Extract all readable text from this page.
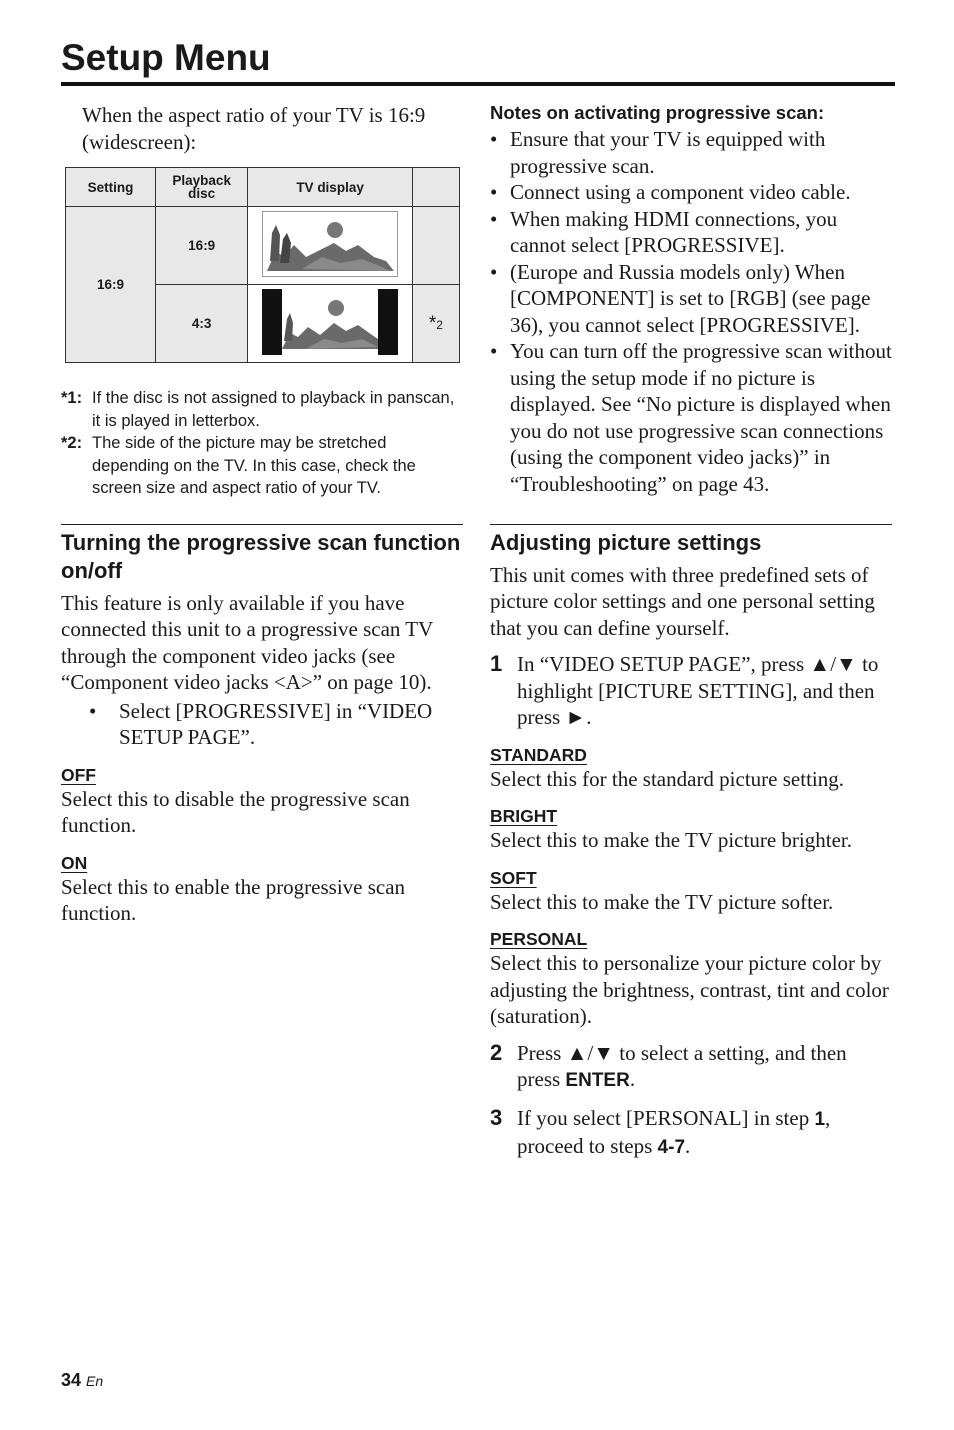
Setup Menu

When the aspect ratio of your TV is 16:9 (widescreen):

Setting	Playback disc	TV display	
16:9	16:9		
	4:3		*2
*1: If the disc is not assigned to playback in panscan, it is played in letterbox.
*2: The side of the picture may be stretched depending on the TV. In this case, check the screen size and aspect ratio of your TV.
Turning the progressive scan function on/off

This feature is only available if you have connected this unit to a progressive scan TV through the component video jacks (see “Component video jacks <A>” on page 10).

•	Select [PROGRESSIVE] in “VIDEO SETUP PAGE”.

OFF

Select this to disable the progressive scan function.

ON

Select this to enable the progressive scan function.

Notes on activating progressive scan:

• Ensure that your TV is equipped with progressive scan.
• Connect using a component video cable.
• When making HDMI connections, you cannot select [PROGRESSIVE].
• (Europe and Russia models only) When [COMPONENT] is set to [RGB] (see page 36), you cannot select [PROGRESSIVE].
• You can turn off the progressive scan without using the setup mode if no picture is displayed. See “No picture is displayed when you do not use progressive scan connections (using the component video jacks)” in “Troubleshooting” on page 43.
Adjusting picture settings

This unit comes with three predefined sets of picture color settings and one personal setting that you can define yourself.

1 In “VIDEO SETUP PAGE”, press ▲/▼ to highlight [PICTURE SETTING], and then press ►.

STANDARD

Select this for the standard picture setting.

BRIGHT

Select this to make the TV picture brighter.

SOFT

Select this to make the TV picture softer.

PERSONAL

Select this to personalize your picture color by adjusting the brightness, contrast, tint and color (saturation).

2 Press ▲/▼ to select a setting, and then press ENTER.

3 If you select [PERSONAL] in step 1, proceed to steps 4-7.

34 En
